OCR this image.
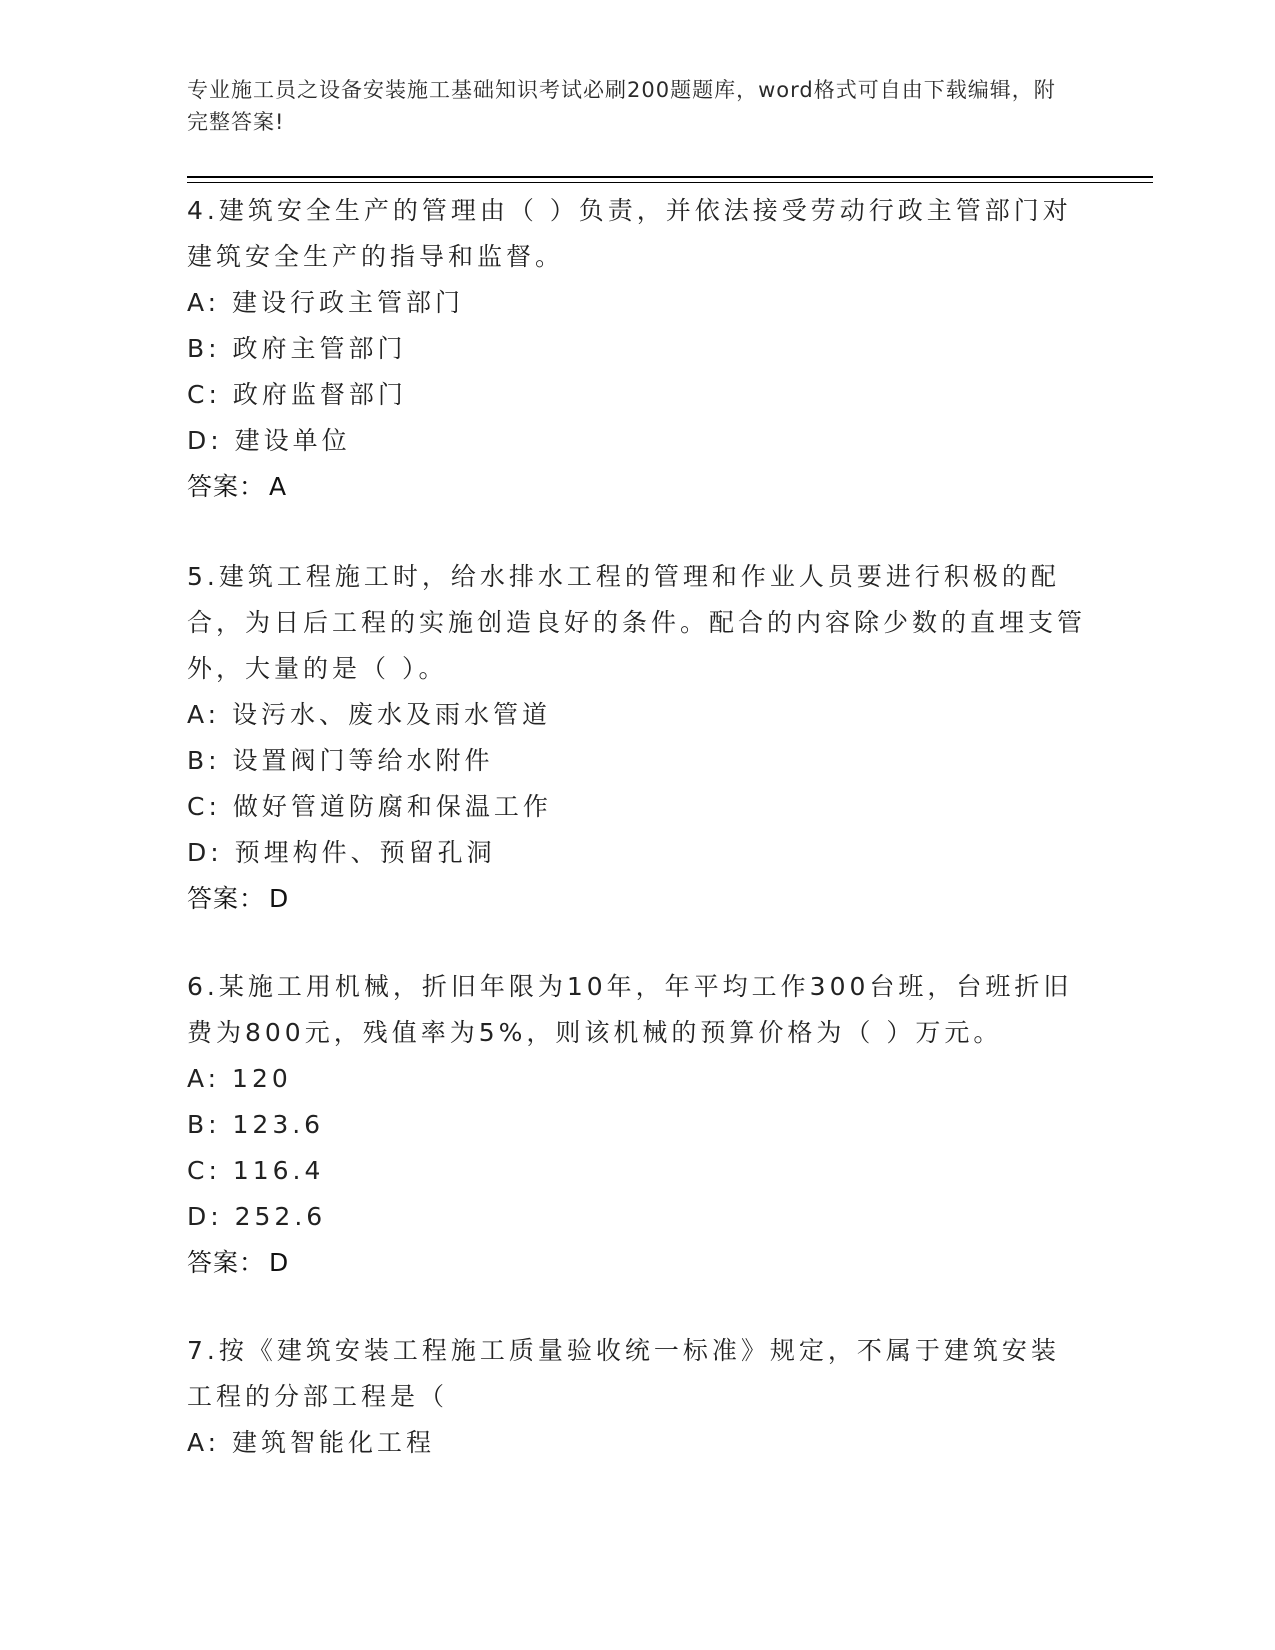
专业施工员之设备安装施工基础知识考试必刷200题题库，word格式可自由下载编辑，附完整答案!

4.建筑安全生产的管理由（ ）负责，并依法接受劳动行政主管部门对建筑安全生产的指导和监督。

A: 建设行政主管部门

B: 政府主管部门

C: 政府监督部门

D: 建设单位

答案： A

5.建筑工程施工时，给水排水工程的管理和作业人员要进行积极的配合，为日后工程的实施创造良好的条件。配合的内容除少数的直埋支管外，大量的是（ ）。

A: 设污水、废水及雨水管道

B: 设置阀门等给水附件

C: 做好管道防腐和保温工作

D: 预埋构件、预留孔洞

答案： D

6.某施工用机械，折旧年限为10年，年平均工作300台班，台班折旧费为800元，残值率为5%，则该机械的预算价格为（ ）万元。

A: 120

B: 123.6

C: 116.4

D: 252.6

答案： D

7.按《建筑安装工程施工质量验收统一标准》规定，不属于建筑安装工程的分部工程是（

A: 建筑智能化工程
